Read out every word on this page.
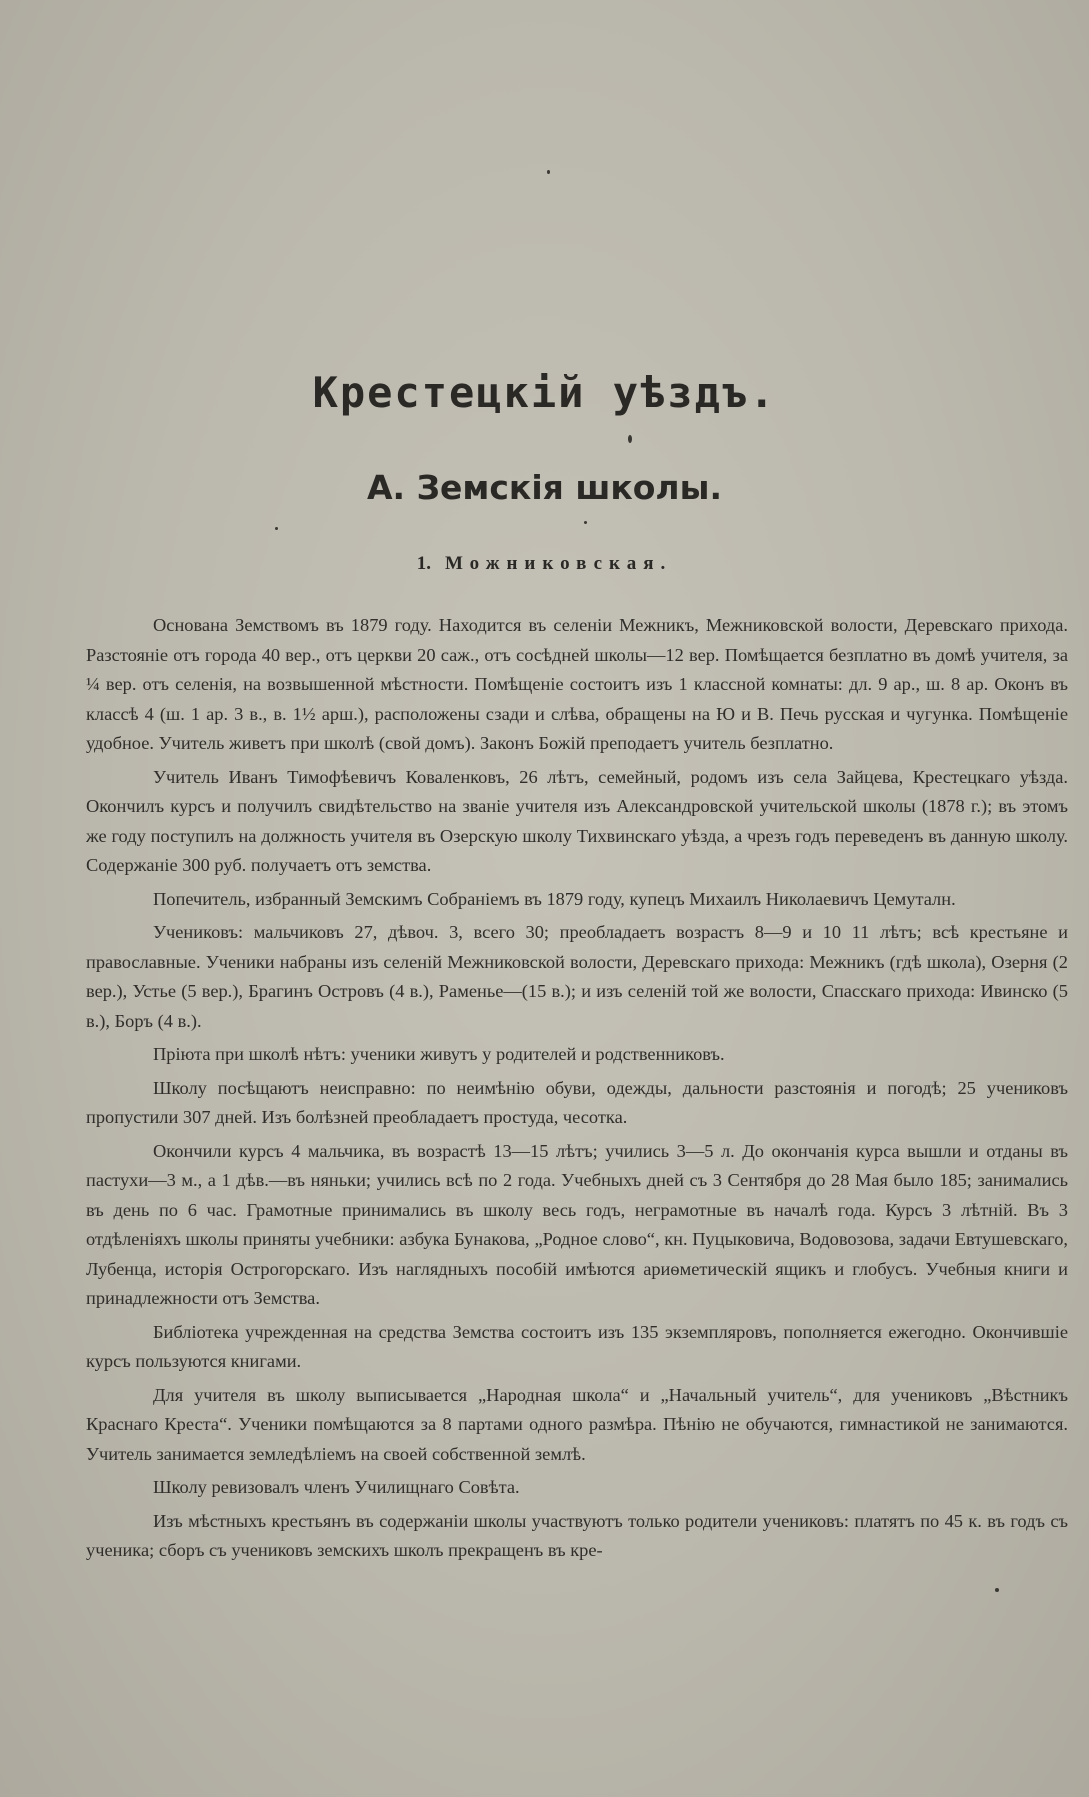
Крестецкій уѣздъ.
А. Земскія школы.
1. Можниковская.

Основана Земствомъ въ 1879 году. Находится въ селеніи Межникъ, Межниковской волости, Деревскаго прихода. Разстояніе отъ города 40 вер., отъ церкви 20 саж., отъ сосѣдней школы—12 вер. Помѣщается безплатно въ домѣ учителя, за ¼ вер. отъ селенія, на возвышенной мѣстности. Помѣщеніе состоитъ изъ 1 классной комнаты: дл. 9 ар., ш. 8 ар. Оконъ въ классѣ 4 (ш. 1 ар. 3 в., в. 1½ арш.), расположены сзади и слѣва, обращены на Ю и В. Печь русская и чугунка. Помѣщеніе удобное. Учитель живетъ при школѣ (свой домъ). Законъ Божій преподаетъ учитель безплатно.

Учитель Иванъ Тимофѣевичъ Коваленковъ, 26 лѣтъ, семейный, родомъ изъ села Зайцева, Крестецкаго уѣзда. Окончилъ курсъ и получилъ свидѣтельство на званіе учителя изъ Александровской учительской школы (1878 г.); въ этомъ же году поступилъ на должность учителя въ Озерскую школу Тихвинскаго уѣзда, а чрезъ годъ переведенъ въ данную школу. Содержаніе 300 руб. получаетъ отъ земства.

Попечитель, избранный Земскимъ Собраніемъ въ 1879 году, купецъ Михаилъ Николаевичъ Цемуталн.

Учениковъ: мальчиковъ 27, дѣвоч. 3, всего 30; преобладаетъ возрастъ 8—9 и 10 11 лѣтъ; всѣ крестьяне и православные. Ученики набраны изъ селеній Межниковской волости, Деревскаго прихода: Межникъ (гдѣ школа), Озерня (2 вер.), Устье (5 вер.), Брагинъ Островъ (4 в.), Раменье—(15 в.); и изъ селеній той же волости, Спасскаго прихода: Ивинско (5 в.), Боръ (4 в.).

Пріюта при школѣ нѣтъ: ученики живутъ у родителей и родственниковъ.

Школу посѣщаютъ неисправно: по неимѣнію обуви, одежды, дальности разстоянія и погодѣ; 25 учениковъ пропустили 307 дней. Изъ болѣзней преобладаетъ простуда, чесотка.

Окончили курсъ 4 мальчика, въ возрастѣ 13—15 лѣтъ; учились 3—5 л. До окончанія курса вышли и отданы въ пастухи—3 м., а 1 дѣв.—въ няньки; учились всѣ по 2 года. Учебныхъ дней съ 3 Сентября до 28 Мая было 185; занимались въ день по 6 час. Грамотные принимались въ школу весь годъ, неграмотные въ началѣ года. Курсъ 3 лѣтній. Въ 3 отдѣленіяхъ школы приняты учебники: азбука Бунакова, „Родное слово“, кн. Пуцыковича, Водовозова, задачи Евтушевскаго, Лубенца, исторія Острогорскаго. Изъ наглядныхъ пособій имѣются ариѳметическій ящикъ и глобусъ. Учебныя книги и принадлежности отъ Земства.

Библіотека учрежденная на средства Земства состоитъ изъ 135 экземпляровъ, пополняется ежегодно. Окончившіе курсъ пользуются книгами.

Для учителя въ школу выписывается „Народная школа“ и „Начальный учитель“, для учениковъ „Вѣстникъ Краснаго Креста“. Ученики помѣщаются за 8 партами одного размѣра. Пѣнію не обучаются, гимнастикой не занимаются. Учитель занимается земледѣліемъ на своей собственной землѣ.

Школу ревизовалъ членъ Училищнаго Совѣта.

Изъ мѣстныхъ крестьянъ въ содержаніи школы участвуютъ только родители учениковъ: платятъ по 45 к. въ годъ съ ученика; сборъ съ учениковъ земскихъ школъ прекращенъ въ кре-
